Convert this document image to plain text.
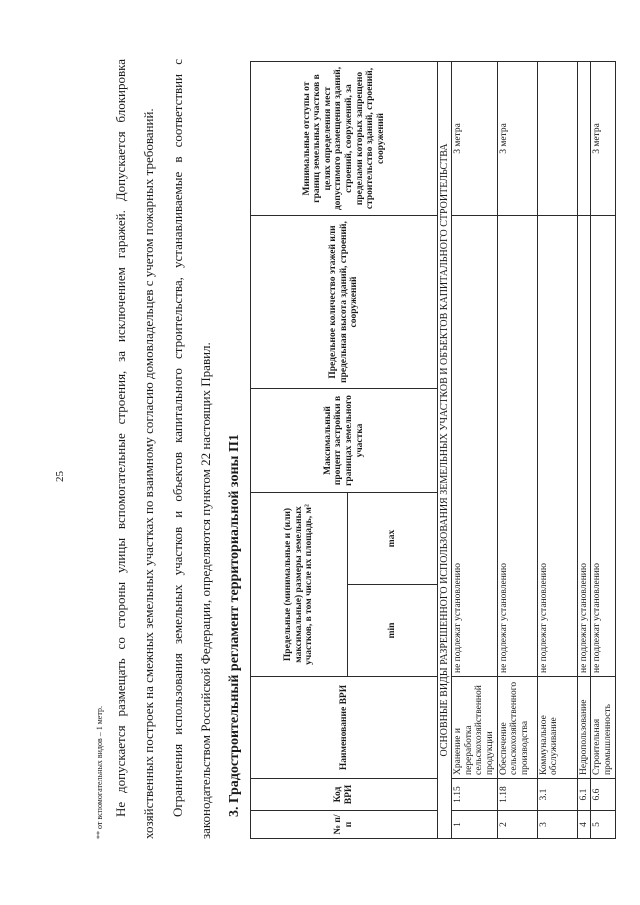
25
** от вспомогательных видов – 1 метр. Не допускается размещать со стороны улицы вспомогательные строения, за исключением гаражей. Допускается блокировка хозяйственных построек на смежных земельных участках по взаимному согласию домовладельцев с учетом пожарных требований.	Ограничения использования земельных участков и объектов капитального строительства, устанавливаемые в соответствии с законодательством Российской Федерации, определяются пунктом 22 настоящих Правил.	3. Градостроительный регламент территориальной зоны П1
№ п/п	Код ВРИ	Наименование ВРИ	Предельные (минимальные и (или) максимальные) размеры земельных участков, в том числе их площадь, м²		Максимальный процент застройки в границах земельного участка	Предельное количество этажей или предельная высота зданий, строений, сооружений	Минимальные отступы от границ земельных участков в целях определения мест допустимого размещения зданий, строений, сооружений, за пределами которых запрещено строительство зданий, строений, сооружений
			min	max			
ОСНОВНЫЕ ВИДЫ РАЗРЕШЕННОГО ИСПОЛЬЗОВАНИЯ ЗЕМЕЛЬНЫХ УЧАСТКОВ И ОБЪЕКТОВ КАПИТАЛЬНОГО СТРОИТЕЛЬСТВА							
1	1.15	Хранение и переработка сельскохозяйственной продукции	не подлежат установлению				3 метра
2	1.18	Обеспечение сельскохозяйственного производства	не подлежат установлению				3 метра
3	3.1	Коммунальное обслуживание	не подлежат установлению				
4	6.1	Недропользование	не подлежат установлению				
5	6.6	Строительная промышленность	не подлежат установлению				3 метра
